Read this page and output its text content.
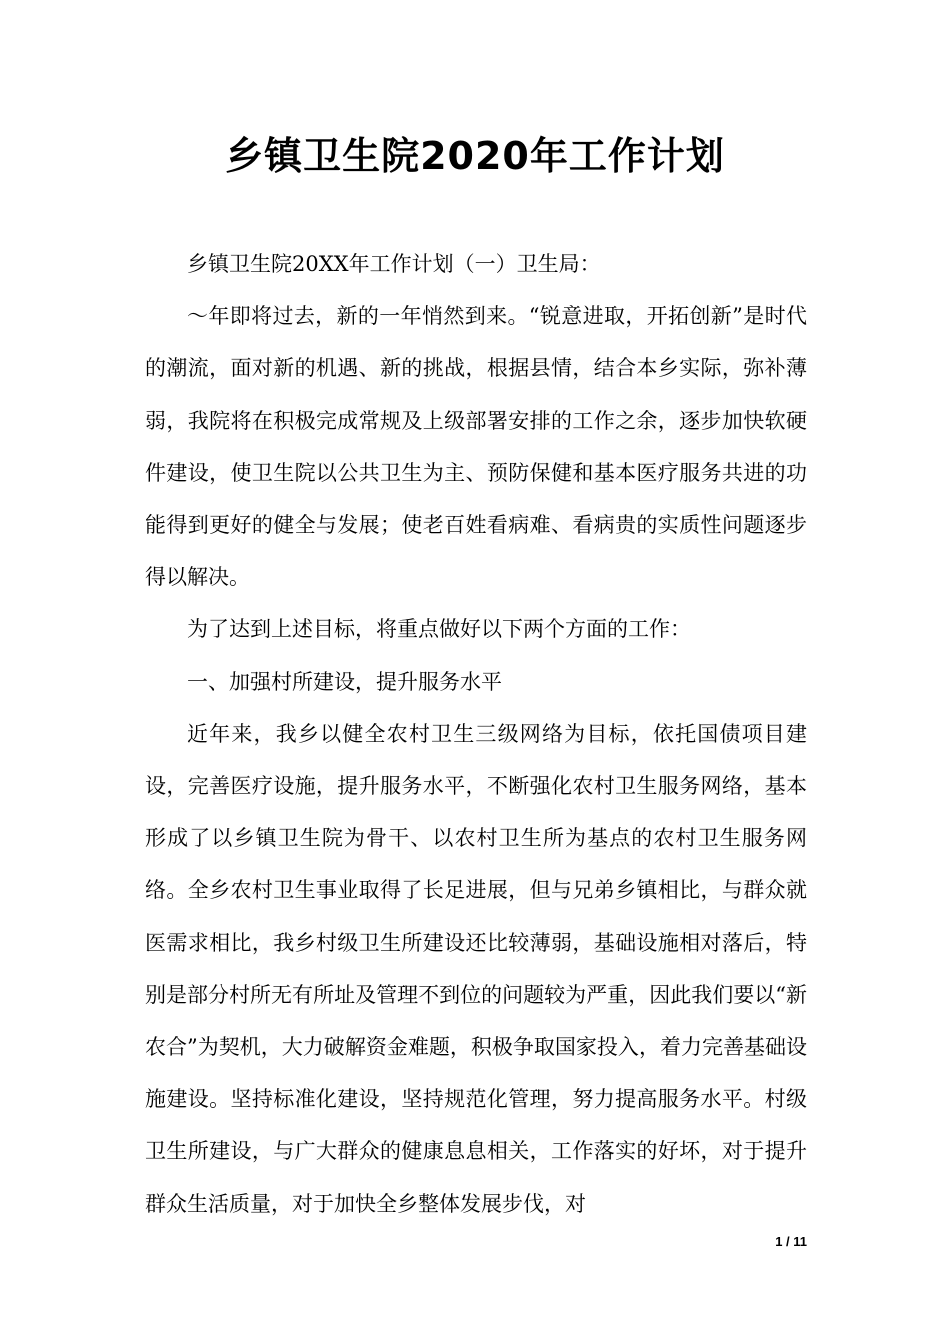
乡镇卫生院2020年工作计划

乡镇卫生院20XX年工作计划（一）卫生局：

～年即将过去，新的一年悄然到来。“锐意进取，开拓创新”是时代的潮流，面对新的机遇、新的挑战，根据县情，结合本乡实际，弥补薄弱，我院将在积极完成常规及上级部署安排的工作之余，逐步加快软硬件建设，使卫生院以公共卫生为主、预防保健和基本医疗服务共进的功能得到更好的健全与发展；使老百姓看病难、看病贵的实质性问题逐步得以解决。

为了达到上述目标，将重点做好以下两个方面的工作：

一、加强村所建设，提升服务水平

近年来，我乡以健全农村卫生三级网络为目标，依托国债项目建设，完善医疗设施，提升服务水平，不断强化农村卫生服务网络，基本形成了以乡镇卫生院为骨干、以农村卫生所为基点的农村卫生服务网络。全乡农村卫生事业取得了长足进展，但与兄弟乡镇相比，与群众就医需求相比，我乡村级卫生所建设还比较薄弱，基础设施相对落后，特别是部分村所无有所址及管理不到位的问题较为严重，因此我们要以“新农合”为契机，大力破解资金难题，积极争取国家投入，着力完善基础设施建设。坚持标准化建设，坚持规范化管理，努力提高服务水平。村级卫生所建设，与广大群众的健康息息相关，工作落实的好坏，对于提升群众生活质量，对于加快全乡整体发展步伐，对

1 / 11
